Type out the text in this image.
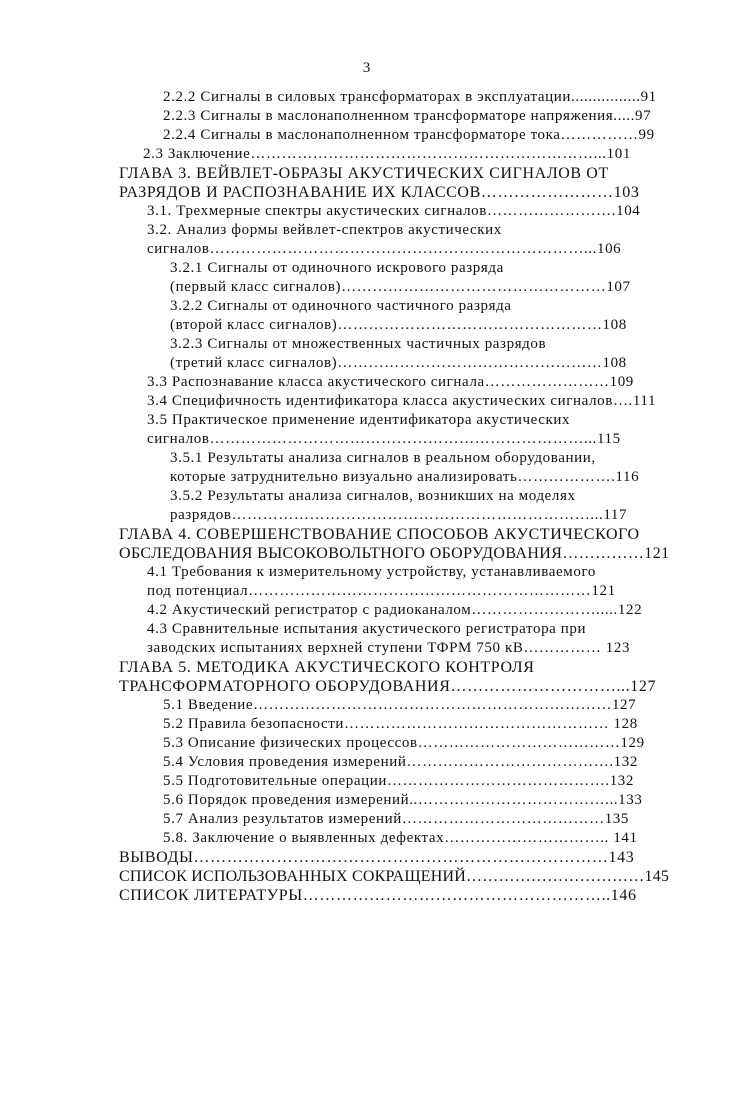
3
2.2.2 Сигналы в силовых трансформаторах в эксплуатации................91
2.2.3 Сигналы в маслонаполненном трансформаторе напряжения.....97
2.2.4 Сигналы в маслонаполненном трансформаторе тока……………99
2.3 Заключение…………………………………………………………...101
ГЛАВА 3. ВЕЙВЛЕТ-ОБРАЗЫ АКУСТИЧЕСКИХ СИГНАЛОВ ОТ
РАЗРЯДОВ И РАСПОЗНАВАНИЕ ИХ КЛАССОВ……………………103
3.1. Трехмерные спектры акустических сигналов…………………….104
3.2. Анализ формы вейвлет-спектров акустических
сигналов………………………………………………………………...106
3.2.1 Сигналы от одиночного искрового разряда
(первый класс сигналов)……………………………………………107
3.2.2 Сигналы от одиночного частичного разряда
(второй класс сигналов)……………………………………………108
3.2.3 Сигналы от множественных частичных разрядов
(третий класс сигналов)……………………………………………108
3.3 Распознавание класса акустического сигнала……………………109
3.4 Специфичность идентификатора класса акустических сигналов….111
3.5 Практическое применение идентификатора акустических
сигналов………………………………………………………………...115
3.5.1 Результаты анализа сигналов в реальном оборудовании,
которые затруднительно визуально анализировать……………….116
3.5.2 Результаты анализа сигналов, возникших на моделях
разрядов……………………………………………………………...117
ГЛАВА 4. СОВЕРШЕНСТВОВАНИЕ СПОСОБОВ АКУСТИЧЕСКОГО
ОБСЛЕДОВАНИЯ ВЫСОКОВОЛЬТНОГО ОБОРУДОВАНИЯ……………121
4.1 Требования к измерительному устройству, устанавливаемого
под потенциал…………………………………………………………121
4.2 Акустический регистратор с радиоканалом…………………….....122
4.3 Сравнительные испытания акустического регистратора при
заводских испытаниях верхней ступени ТФРМ 750 кВ…………… 123
ГЛАВА 5. МЕТОДИКА АКУСТИЧЕСКОГО КОНТРОЛЯ
ТРАНСФОРМАТОРНОГО ОБОРУДОВАНИЯ…………………………...127
5.1 Введение……………………………………………………………127
5.2 Правила безопасности…………………………………………… 128
5.3 Описание физических процессов…………………………………129
5.4 Условия проведения измерений………………………………….132
5.5 Подготовительные операции…………………………………….132
5.6 Порядок проведения измерений..………………………………...133
5.7 Анализ результатов измерений…………………………………135
5.8. Заключение о выявленных дефектах………………………….. 141
ВЫВОДЫ…………………………………………………………………143
СПИСОК ИСПОЛЬЗОВАННЫХ СОКРАЩЕНИЙ……………………………145
СПИСОК ЛИТЕРАТУРЫ………………………………………………..146
